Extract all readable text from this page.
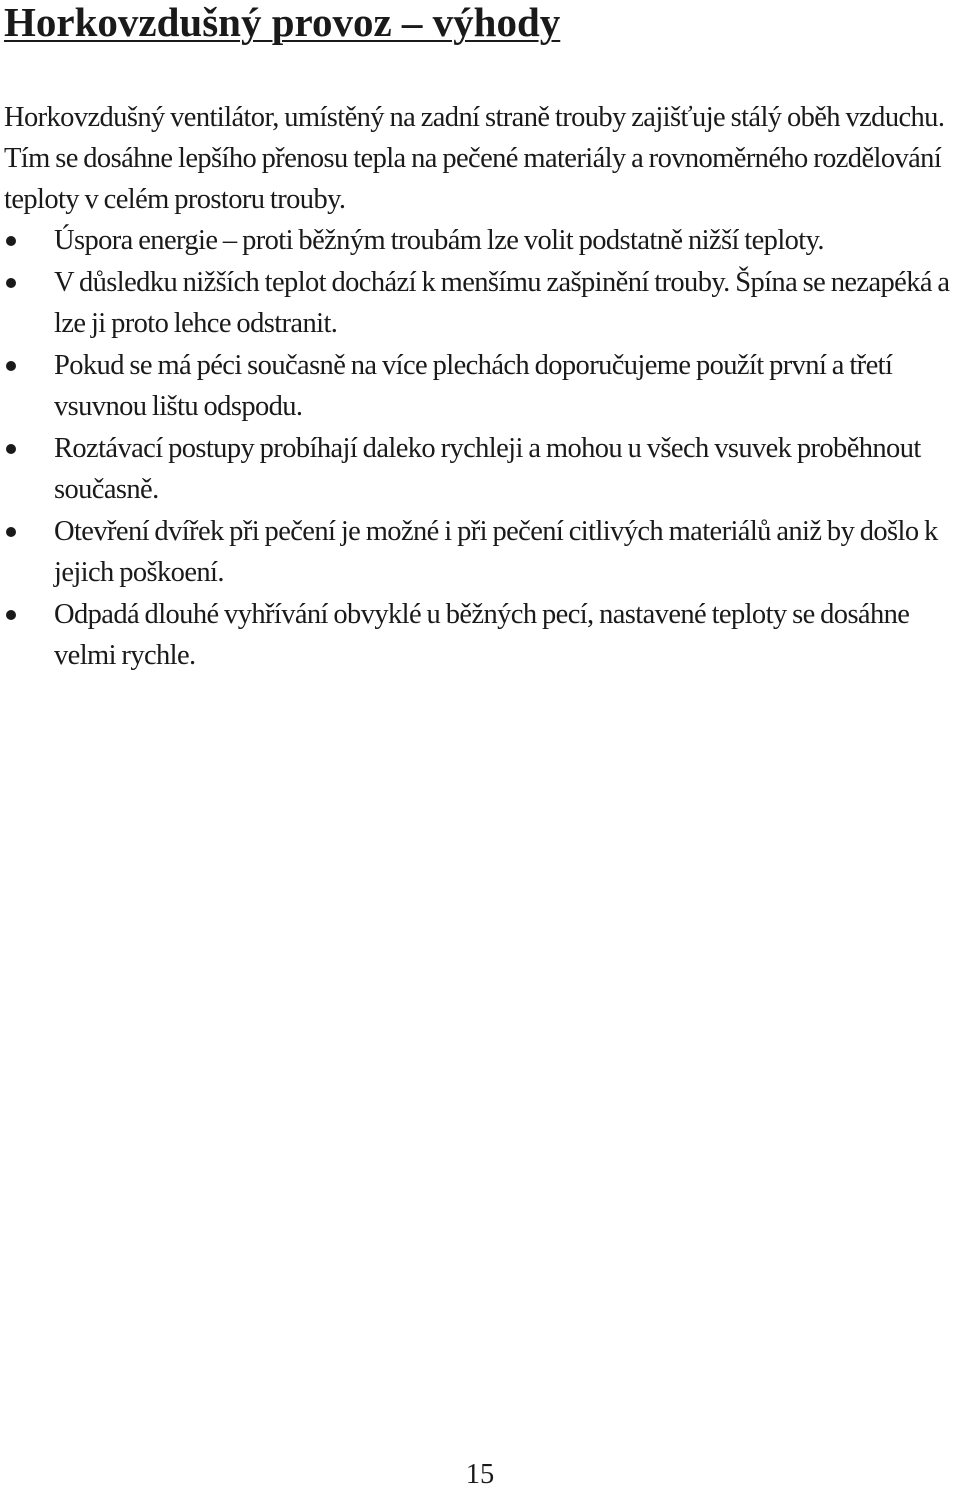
Horkovzdušný provoz – výhody

Horkovzdušný ventilátor, umístěný na zadní straně trouby zajišťuje stálý oběh vzduchu. Tím se dosáhne lepšího přenosu tepla na pečené materiály a rovnoměrného rozdělování teploty v celém prostoru trouby.

Úspora energie – proti běžným troubám lze volit podstatně nižší teploty.
V důsledku nižších teplot dochází k menšímu zašpinění trouby. Špína se nezapéká a lze ji proto lehce odstranit.
Pokud se má péci současně na více plechách doporučujeme použít první a třetí vsuvnou lištu odspodu.
Roztávací postupy probíhají daleko rychleji a mohou u všech vsuvek proběhnout současně.
Otevření dvířek při pečení je možné i při pečení citlivých materiálů aniž by došlo k jejich poškoení.
Odpadá dlouhé vyhřívání obvyklé u běžných pecí, nastavené teploty se dosáhne velmi rychle.
15
